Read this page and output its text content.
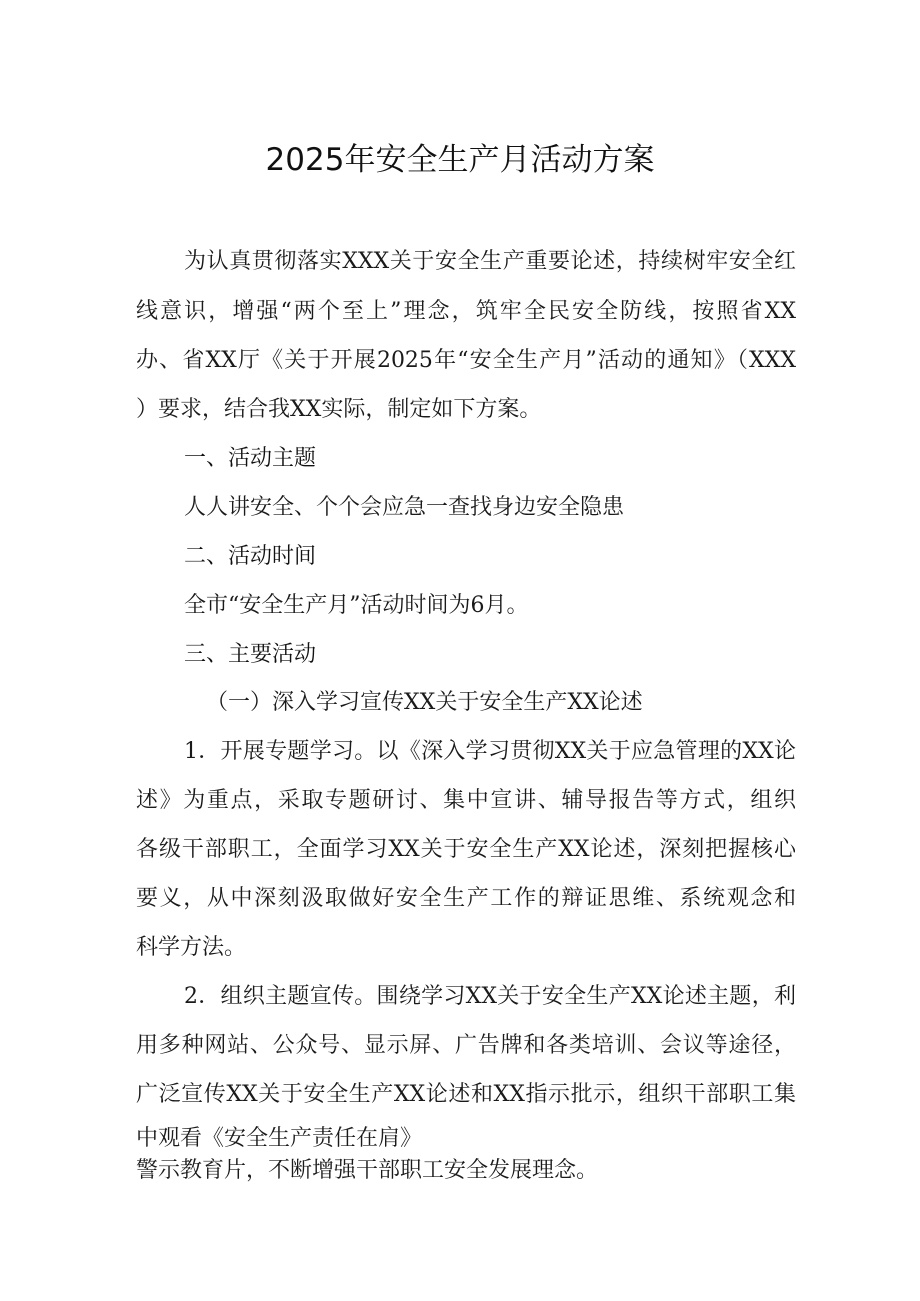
2025年安全生产月活动方案
为认真贯彻落实XXX关于安全生产重要论述，持续树牢安全红
线意识，增强“两个至上”理念，筑牢全民安全防线，按照省XX
办、省XX厅《关于开展2025年“安全生产月”活动的通知》（XXX
）要求，结合我XX实际，制定如下方案。
一、活动主题
人人讲安全、个个会应急一查找身边安全隐患
二、活动时间
全市“安全生产月”活动时间为6月。
三、主要活动
（一）深入学习宣传XX关于安全生产XX论述
1．开展专题学习。以《深入学习贯彻XX关于应急管理的XX论
述》为重点，采取专题研讨、集中宣讲、辅导报告等方式，组织
各级干部职工，全面学习XX关于安全生产XX论述，深刻把握核心
要义，从中深刻汲取做好安全生产工作的辩证思维、系统观念和
科学方法。
2．组织主题宣传。围绕学习XX关于安全生产XX论述主题，利
用多种网站、公众号、显示屏、广告牌和各类培训、会议等途径，
广泛宣传XX关于安全生产XX论述和XX指示批示，组织干部职工集
中观看《安全生产责任在肩》
警示教育片，不断增强干部职工安全发展理念。
